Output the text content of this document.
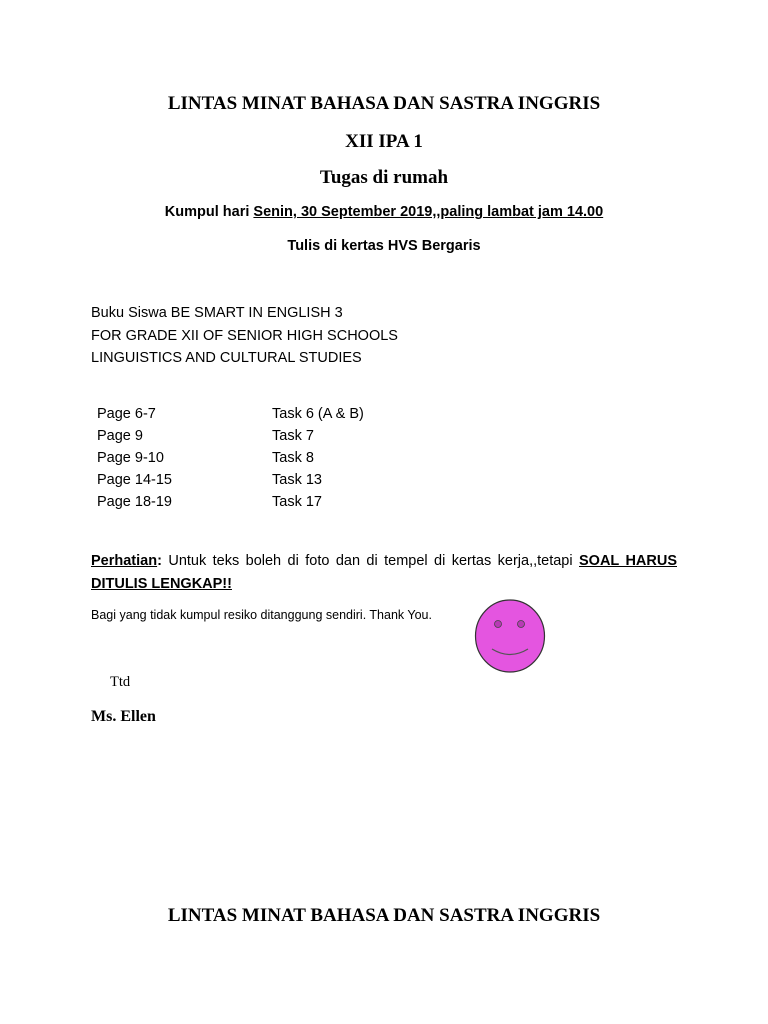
LINTAS MINAT BAHASA DAN SASTRA INGGRIS
XII IPA 1
Tugas di rumah
Kumpul hari Senin, 30 September 2019,,paling lambat jam 14.00
Tulis di kertas HVS Bergaris
Buku Siswa BE SMART IN ENGLISH 3
FOR GRADE XII OF SENIOR HIGH SCHOOLS
LINGUISTICS AND CULTURAL STUDIES
Page 6-7	Task 6 (A & B)
Page 9	Task 7
Page 9-10	Task 8
Page 14-15	Task 13
Page 18-19	Task 17
Perhatian: Untuk teks boleh di foto dan di tempel di kertas kerja,,tetapi SOAL HARUS DITULIS LENGKAP!!
Bagi yang tidak kumpul resiko ditanggung sendiri. Thank You.
Ttd
Ms. Ellen
LINTAS MINAT BAHASA DAN SASTRA INGGRIS
